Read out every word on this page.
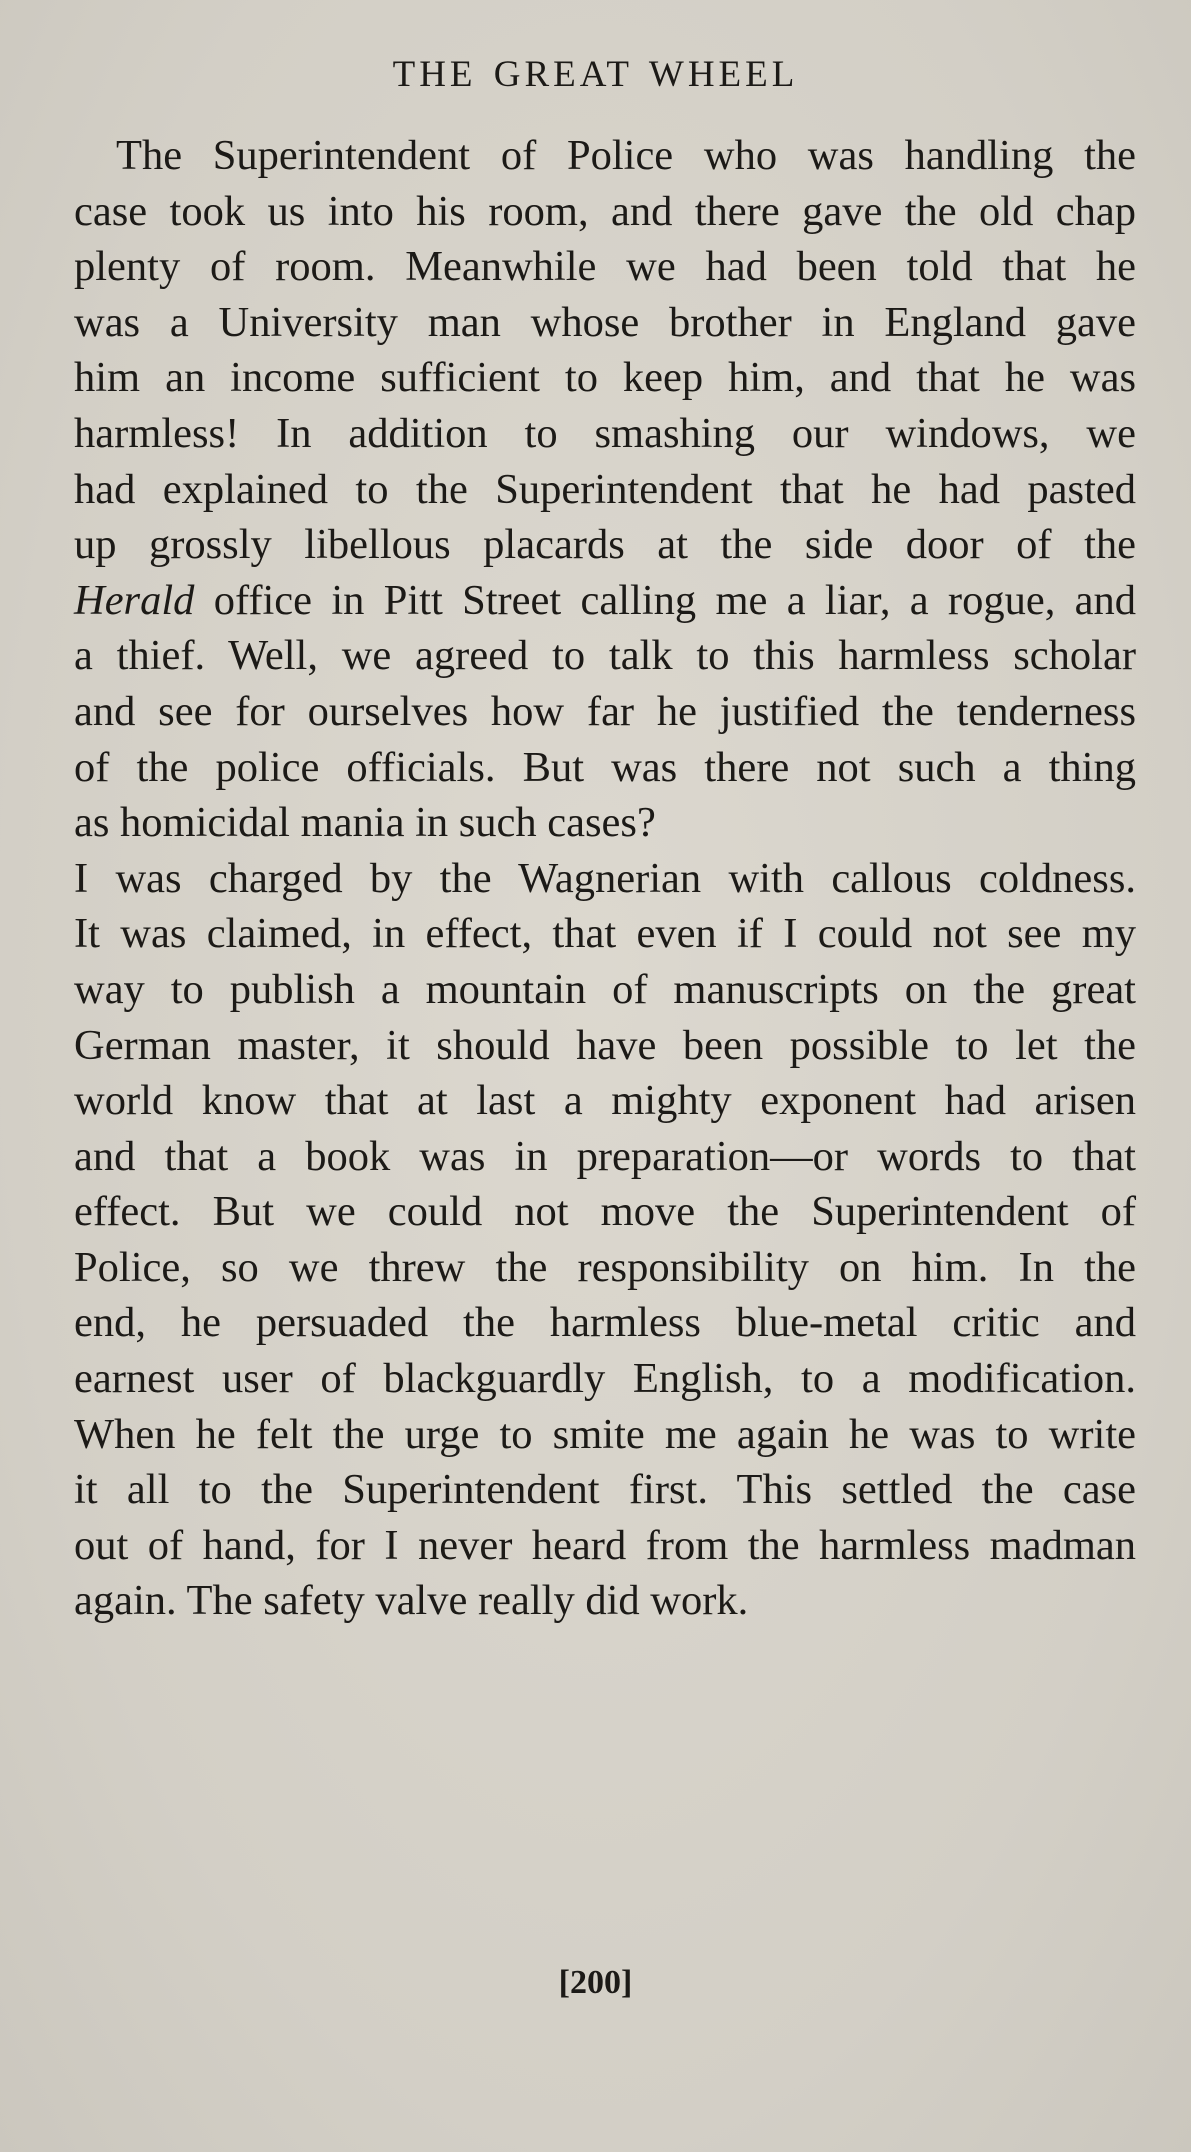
THE GREAT WHEEL
The Superintendent of Police who was handling the
case took us into his room, and there gave the old chap
plenty of room. Meanwhile we had been told that he
was a University man whose brother in England gave
him an income sufficient to keep him, and that he was
harmless! In addition to smashing our windows, we
had explained to the Superintendent that he had pasted
up grossly libellous placards at the side door of the
Herald office in Pitt Street calling me a liar, a rogue, and
a thief. Well, we agreed to talk to this harmless scholar
and see for ourselves how far he justified the tenderness
of the police officials. But was there not such a thing
as homicidal mania in such cases?
I was charged by the Wagnerian with callous coldness.
It was claimed, in effect, that even if I could not see my
way to publish a mountain of manuscripts on the great
German master, it should have been possible to let the
world know that at last a mighty exponent had arisen
and that a book was in preparation—or words to that
effect. But we could not move the Superintendent of
Police, so we threw the responsibility on him. In the
end, he persuaded the harmless blue-metal critic and
earnest user of blackguardly English, to a modification.
When he felt the urge to smite me again he was to write
it all to the Superintendent first. This settled the case
out of hand, for I never heard from the harmless madman
again. The safety valve really did work.
[200]
